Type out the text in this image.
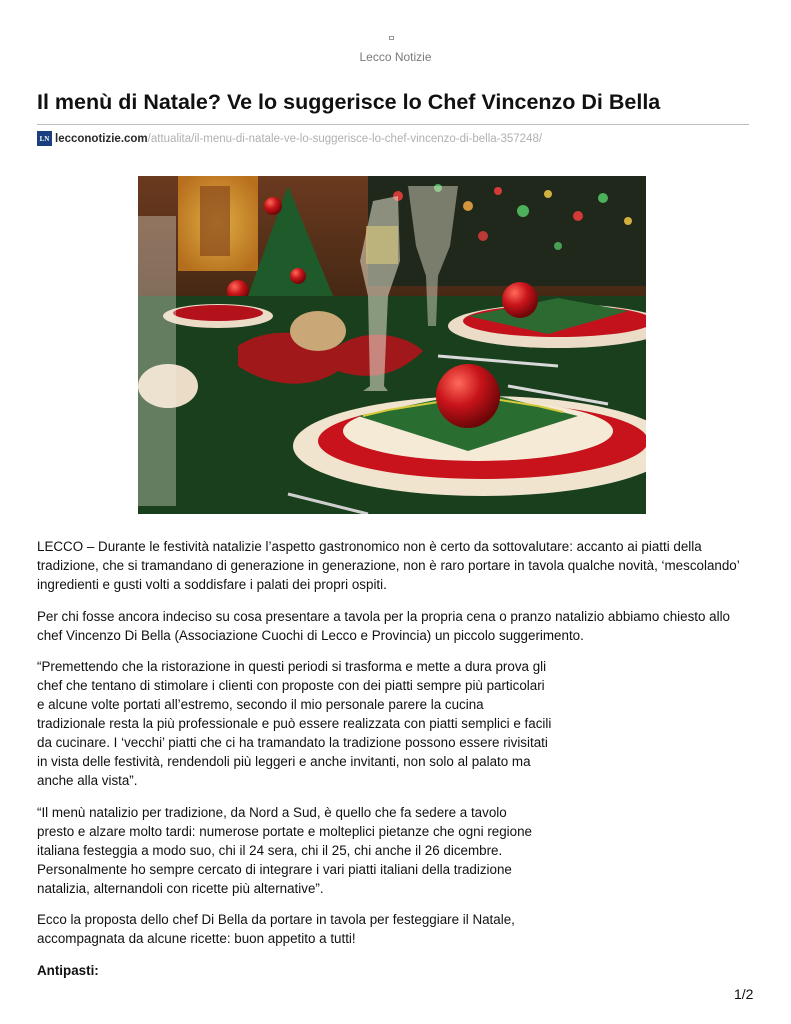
Lecco Notizie
Il menù di Natale? Ve lo suggerisce lo Chef Vincenzo Di Bella
LN lecconotizie.com /attualita/il-menu-di-natale-ve-lo-suggerisce-lo-chef-vincenzo-di-bella-357248/

LECCO – Durante le festività natalizie l’aspetto gastronomico non è certo da sottovalutare: accanto ai piatti della tradizione, che si tramandano di generazione in generazione, non è raro portare in tavola qualche novità, ‘mescolando’ ingredienti e gusti volti a soddisfare i palati dei propri ospiti.

Per chi fosse ancora indeciso su cosa presentare a tavola per la propria cena o pranzo natalizio abbiamo chiesto allo chef Vincenzo Di Bella (Associazione Cuochi di Lecco e Provincia) un piccolo suggerimento.

“Premettendo che la ristorazione in questi periodi si trasforma e mette a dura prova gli chef che tentano di stimolare i clienti con proposte con dei piatti sempre più particolari e alcune volte portati all’estremo, secondo il mio personale parere la cucina tradizionale resta la più professionale e può essere realizzata con piatti semplici e facili da cucinare. I ‘vecchi’ piatti che ci ha tramandato la tradizione possono essere rivisitati in vista delle festività, rendendoli più leggeri e anche invitanti, non solo al palato ma anche alla vista”.

“Il menù natalizio per tradizione, da Nord a Sud, è quello che fa sedere a tavolo presto e alzare molto tardi: numerose portate e molteplici pietanze che ogni regione italiana festeggia a modo suo, chi il 24 sera, chi il 25, chi anche il 26 dicembre. Personalmente ho sempre cercato di integrare i vari piatti italiani della tradizione natalizia, alternandoli con ricette più alternative”.

Ecco la proposta dello chef Di Bella da portare in tavola per festeggiare il Natale, accompagnata da alcune ricette: buon appetito a tutti!

Antipasti:
1/2
